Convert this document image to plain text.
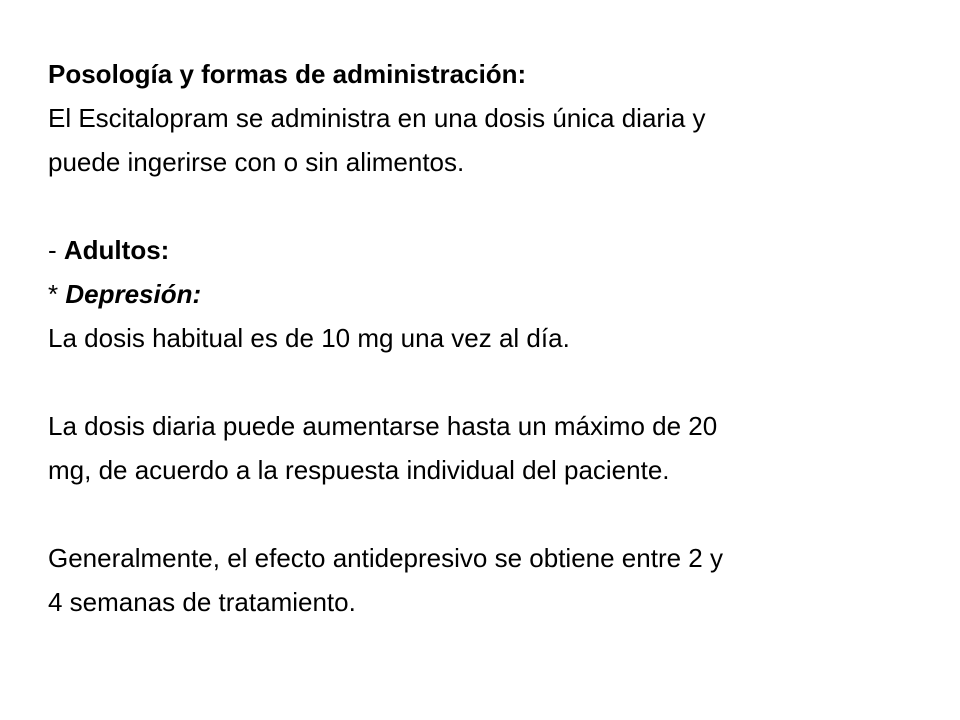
Posología y formas de administración:
El Escitalopram se administra en una dosis única diaria y
puede ingerirse con o sin alimentos.
- Adultos:
* Depresión:
La dosis habitual es de 10 mg una vez al día.
La dosis diaria puede aumentarse hasta un máximo de 20
mg, de acuerdo a la respuesta individual del paciente.
Generalmente, el efecto antidepresivo se obtiene entre 2 y
4 semanas de tratamiento.
